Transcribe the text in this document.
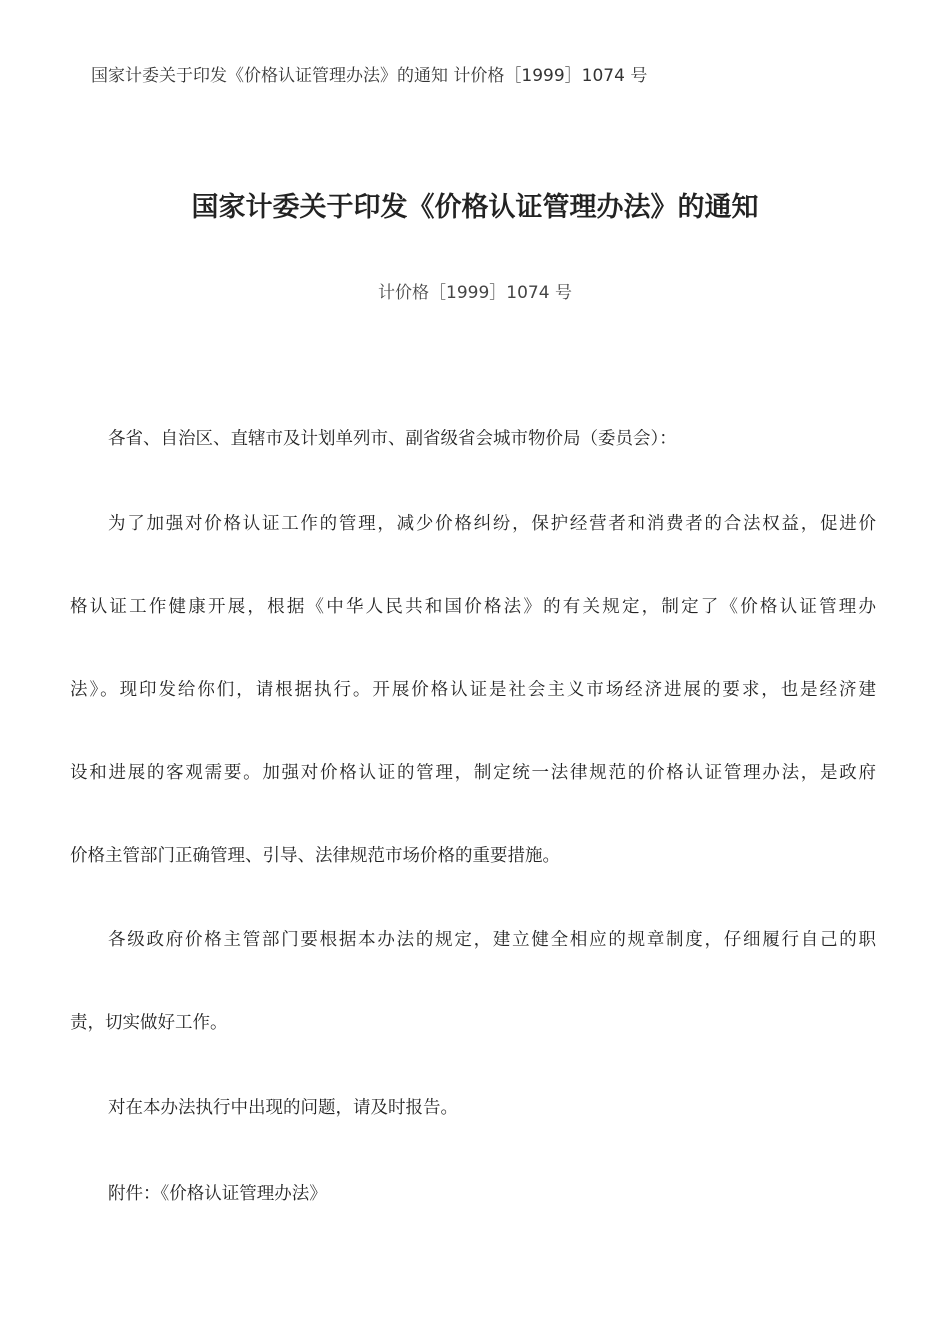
国家计委关于印发《价格认证管理办法》的通知 计价格［1999］1074 号
国家计委关于印发《价格认证管理办法》的通知
计价格［1999］1074 号
各省、自治区、直辖市及计划单列市、副省级省会城市物价局（委员会）：
为了加强对价格认证工作的管理，减少价格纠纷，保护经营者和消费者的合法权益，促进价
格认证工作健康开展，根据《中华人民共和国价格法》的有关规定，制定了《价格认证管理办
法》。现印发给你们，请根据执行。开展价格认证是社会主义市场经济进展的要求，也是经济建
设和进展的客观需要。加强对价格认证的管理，制定统一法律规范的价格认证管理办法，是政府
价格主管部门正确管理、引导、法律规范市场价格的重要措施。
各级政府价格主管部门要根据本办法的规定，建立健全相应的规章制度，仔细履行自己的职
责，切实做好工作。
对在本办法执行中出现的问题，请及时报告。
附件：《价格认证管理办法》
